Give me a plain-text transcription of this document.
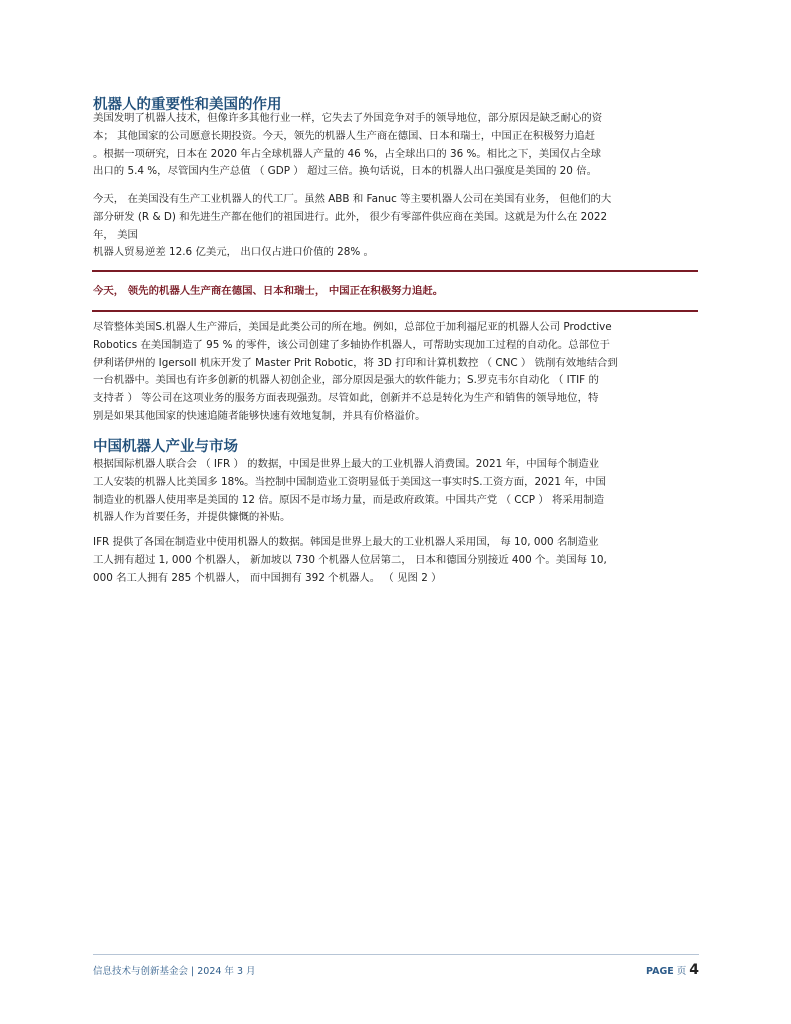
机器人的重要性和美国的作用

美国发明了机器人技术，但像许多其他行业一样，它失去了外国竞争对手的领导地位，部分原因是缺乏耐心的资
本； 其他国家的公司愿意长期投资。今天，领先的机器人生产商在德国、日本和瑞士，中国正在积极努力追赶
。根据一项研究，日本在 2020 年占全球机器人产量的 46 %，占全球出口的 36 %。相比之下，美国仅占全球
出口的 5.4 %，尽管国内生产总值 （ GDP ） 超过三倍。换句话说，日本的机器人出口强度是美国的 20 倍。

今天， 在美国没有生产工业机器人的代工厂。虽然 ABB 和 Fanuc 等主要机器人公司在美国有业务， 但他们的大
部分研发 (R & D) 和先进生产都在他们的祖国进行。此外， 很少有零部件供应商在美国。这就是为什么在 2022
年， 美国
机器人贸易逆差 12.6 亿美元， 出口仅占进口价值的 28% 。

今天， 领先的机器人生产商在德国、日本和瑞士， 中国正在积极努力追赶。

尽管整体美国S.机器人生产滞后，美国是此类公司的所在地。例如，总部位于加利福尼亚的机器人公司 Prodctive
Robotics 在美国制造了 95 % 的零件，该公司创建了多轴协作机器人，可帮助实现加工过程的自动化。总部位于
伊利诺伊州的 Igersoll 机床开发了 Master Prit Robotic，将 3D 打印和计算机数控 （ CNC ） 铣削有效地结合到
一台机器中。美国也有许多创新的机器人初创企业，部分原因是强大的软件能力；S.罗克韦尔自动化 （ ITIF 的
支持者 ） 等公司在这项业务的服务方面表现强劲。尽管如此，创新并不总是转化为生产和销售的领导地位，特
别是如果其他国家的快速追随者能够快速有效地复制，并具有价格溢价。

中国机器人产业与市场

根据国际机器人联合会 （ IFR ） 的数据，中国是世界上最大的工业机器人消费国。2021 年，中国每个制造业
工人安装的机器人比美国多 18%。当控制中国制造业工资明显低于美国这一事实时S.工资方面，2021 年，中国
制造业的机器人使用率是美国的 12 倍。原因不是市场力量，而是政府政策。中国共产党 （ CCP ） 将采用制造
机器人作为首要任务，并提供慷慨的补贴。

IFR 提供了各国在制造业中使用机器人的数据。韩国是世界上最大的工业机器人采用国， 每 10, 000 名制造业
工人拥有超过 1, 000 个机器人， 新加坡以 730 个机器人位居第二， 日本和德国分别接近 400 个。美国每 10,
000 名工人拥有 285 个机器人， 而中国拥有 392 个机器人。 （ 见图 2 ）

信息技术与创新基金会 | 2024 年 3 月	PAGE 页 4
